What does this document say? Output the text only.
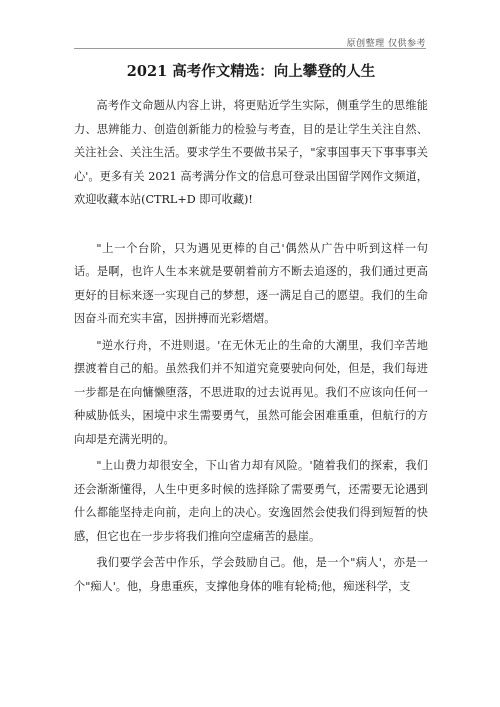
原创整理 仅供参考
2021 高考作文精选：向上攀登的人生

高考作文命题从内容上讲，将更贴近学生实际，侧重学生的思维能力、思辨能力、创造创新能力的检验与考查，目的是让学生关注自然、关注社会、关注生活。要求学生不要做书呆子，"家事国事天下事事事关心'。更多有关 2021 高考满分作文的信息可登录出国留学网作文频道，欢迎收藏本站(CTRL+D 即可收藏)!

"上一个台阶，只为遇见更棒的自己'偶然从广告中听到这样一句话。是啊，也许人生本来就是要朝着前方不断去追逐的，我们通过更高更好的目标来逐一实现自己的梦想，逐一满足自己的愿望。我们的生命因奋斗而充实丰富，因拼搏而光彩熠熠。

"逆水行舟，不进则退。'在无休无止的生命的大潮里，我们辛苦地摆渡着自己的船。虽然我们并不知道究竟要驶向何处，但是，我们每进一步都是在向慵懒堕落，不思进取的过去说再见。我们不应该向任何一种威胁低头，困境中求生需要勇气，虽然可能会困难重重，但航行的方向却是充满光明的。

"上山费力却很安全，下山省力却有风险。'随着我们的探索，我们还会渐渐懂得，人生中更多时候的选择除了需要勇气，还需要无论遇到什么都能坚持走向前，走向上的决心。安逸固然会使我们得到短暂的快感，但它也在一步步将我们推向空虚痛苦的悬崖。

我们要学会苦中作乐，学会鼓励自己。他，是一个"病人'，亦是一个"痴人'。他，身患重疾，支撑他身体的唯有轮椅;他，痴迷科学，支
